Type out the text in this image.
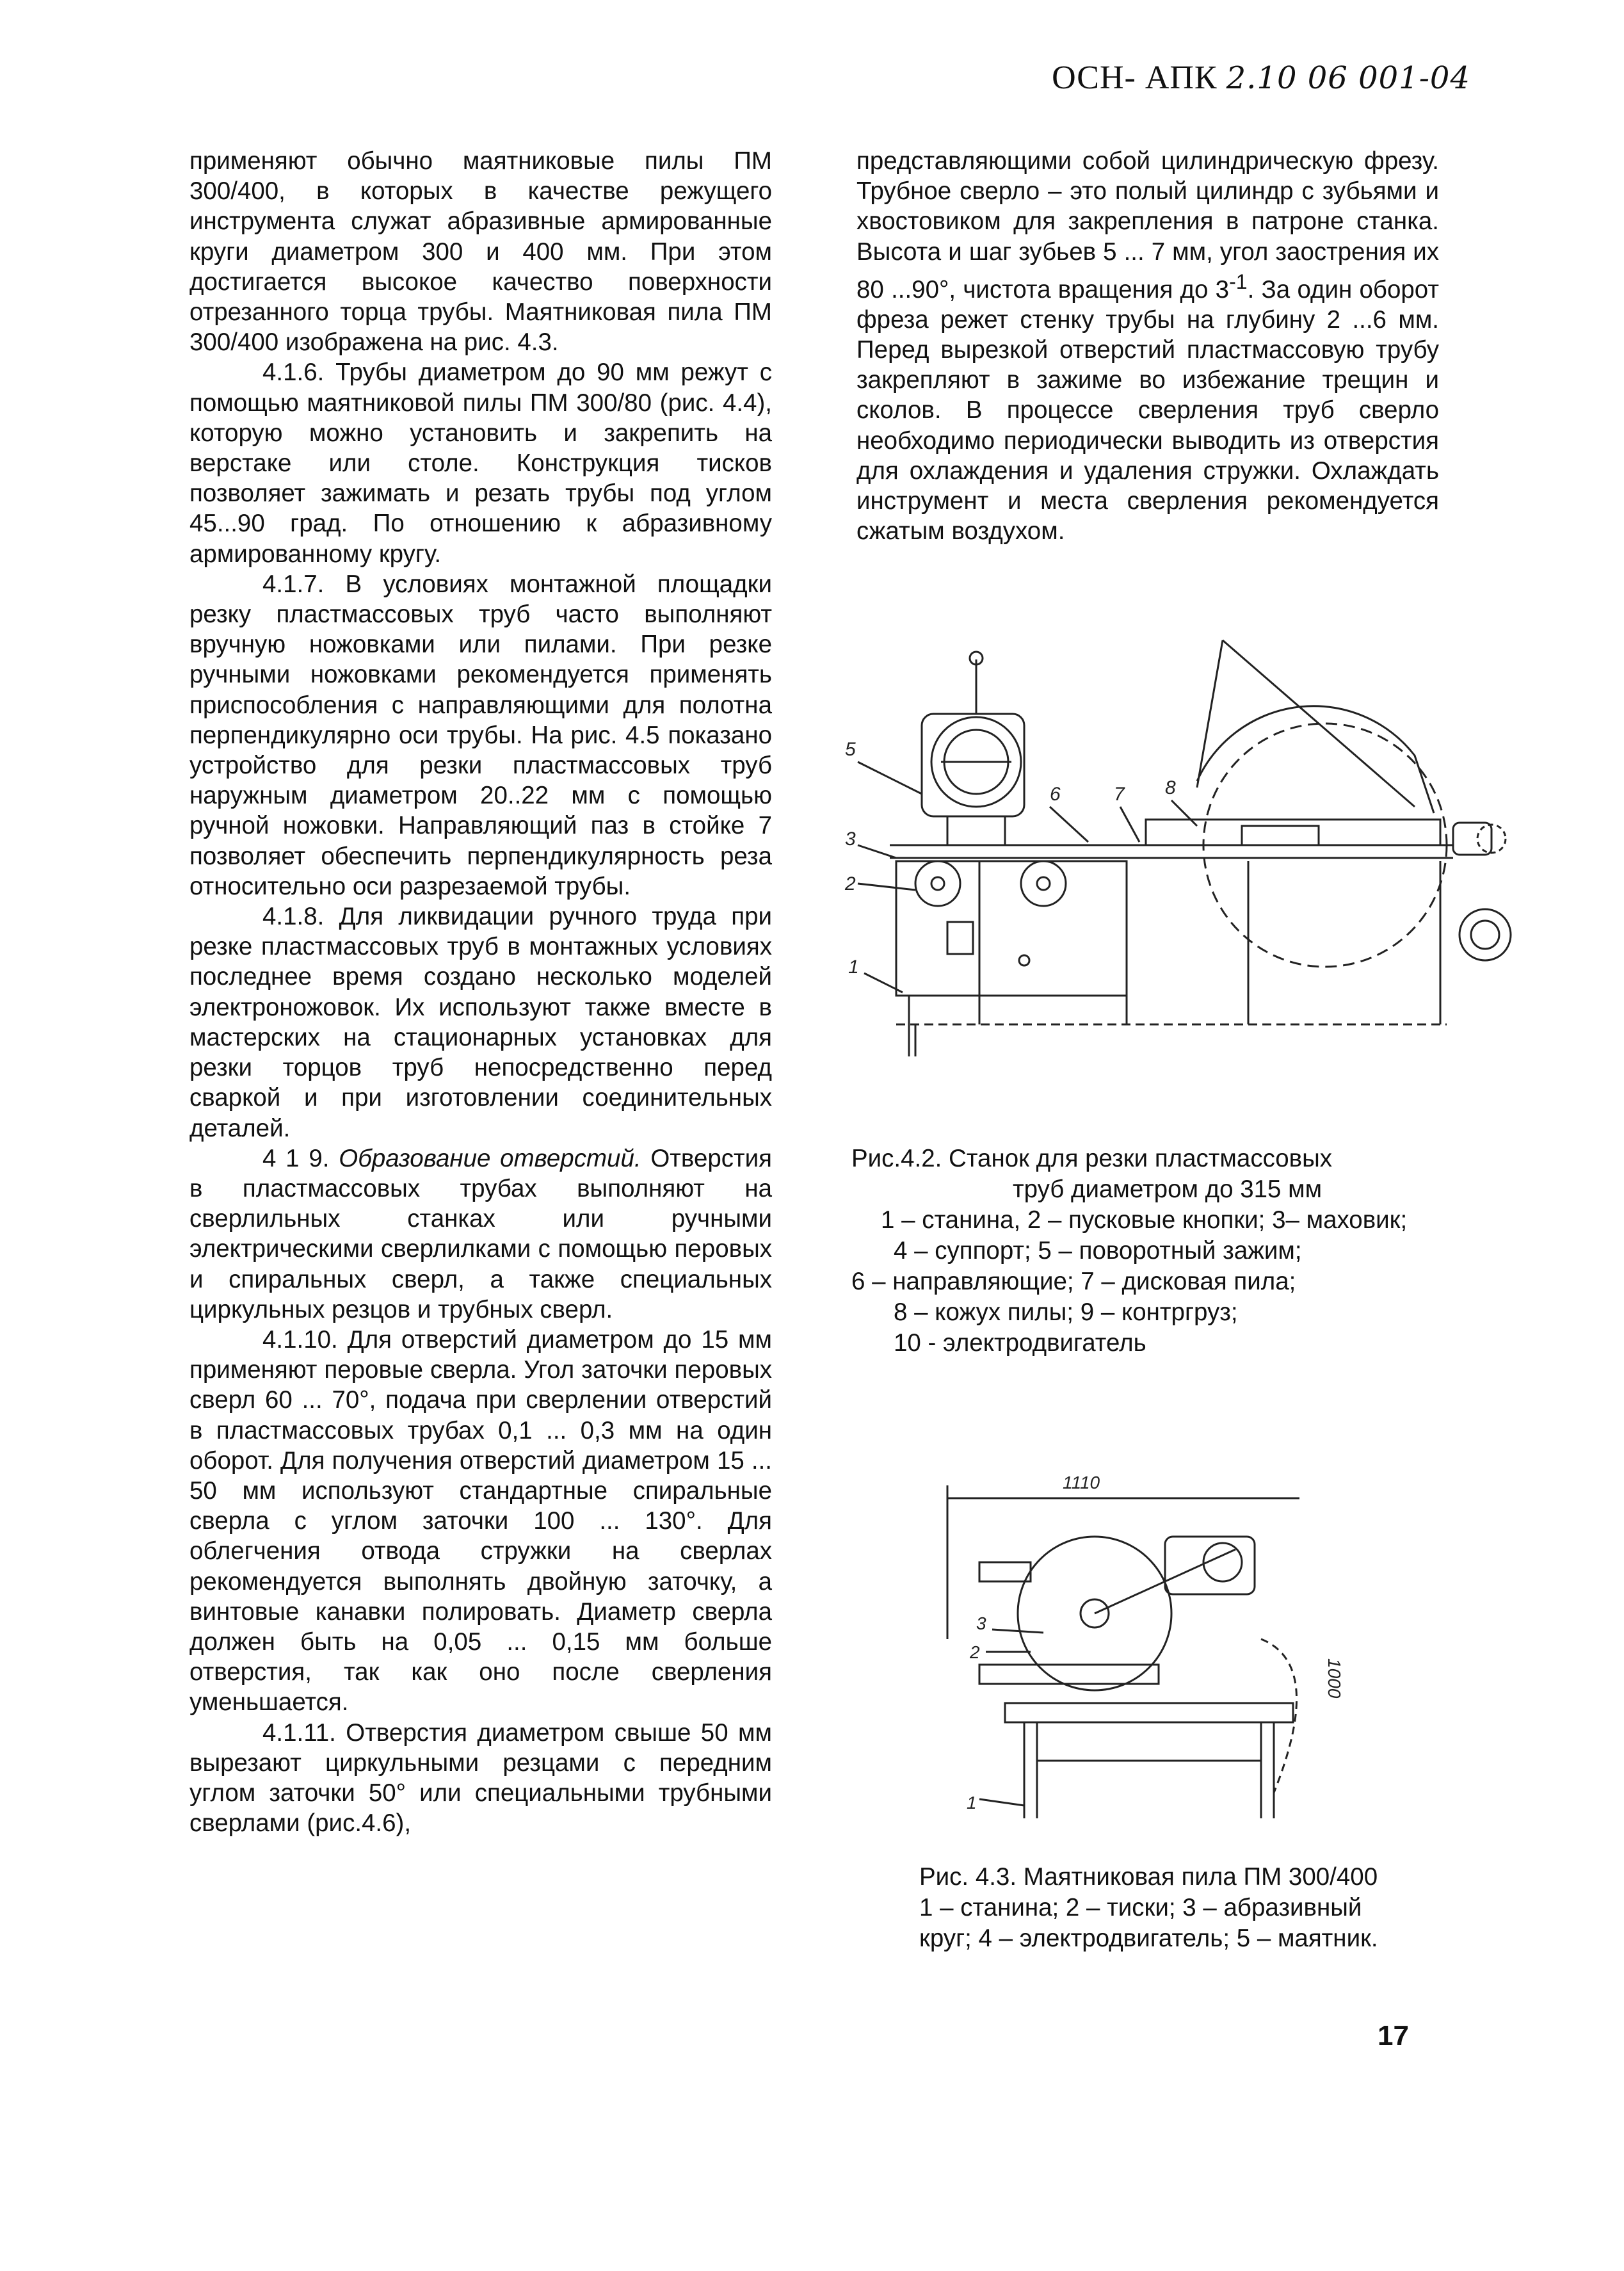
ОСН- АПК 2.10 06 001-04

применяют обычно маятниковые пилы ПМ 300/400, в которых в качестве режущего инструмента служат абразивные армированные круги диаметром 300 и 400 мм. При этом достигается высокое качество поверхности отрезанного торца трубы. Маятниковая пила ПМ 300/400 изображена на рис. 4.3.

4.1.6. Трубы диаметром до 90 мм режут с помощью маятниковой пилы ПМ 300/80 (рис. 4.4), которую можно установить и закрепить на верстаке или столе. Конструкция тисков позволяет зажимать и резать трубы под углом 45...90 град. По отношению к абразивному армированному кругу.

4.1.7. В условиях монтажной площадки резку пластмассовых труб часто выполняют вручную ножовками или пилами. При резке ручными ножовками рекомендуется применять приспособления с направляющими для полотна перпендикулярно оси трубы. На рис. 4.5 показано устройство для резки пластмассовых труб наружным диаметром 20..22 мм с помощью ручной ножовки. Направляющий паз в стойке 7 позволяет обеспечить перпендикулярность реза относительно оси разрезаемой трубы.

4.1.8. Для ликвидации ручного труда при резке пластмассовых труб в монтажных условиях последнее время создано несколько моделей электроножовок. Их используют также вместе в мастерских на стационарных установках для резки торцов труб непосредственно перед сваркой и при изготовлении соединительных деталей.

4 1 9. Образование отверстий. Отверстия в пластмассовых трубах выполняют на сверлильных станках или ручными электрическими сверлилками с помощью перовых и спиральных сверл, а также специальных циркульных резцов и трубных сверл.

4.1.10. Для отверстий диаметром до 15 мм применяют перовые сверла. Угол заточки перовых сверл 60 ... 70°, подача при сверлении отверстий в пластмассовых трубах 0,1 ... 0,3 мм на один оборот. Для получения отверстий диаметром 15 ... 50 мм используют стандартные спиральные сверла с углом заточки 100 ... 130°. Для облегчения отвода стружки на сверлах рекомендуется выполнять двойную заточку, а винтовые канавки полировать. Диаметр сверла должен быть на 0,05 ... 0,15 мм больше отверстия, так как оно после сверления уменьшается.

4.1.11. Отверстия диаметром свыше 50 мм вырезают циркульными резцами с передним углом заточки 50° или специальными трубными сверлами (рис.4.6),

представляющими собой цилиндрическую фрезу. Трубное сверло – это полый цилиндр с зубьями и хвостовиком для закрепления в патроне станка. Высота и шаг зубьев 5 ... 7 мм, угол заострения их 80 ...90°, чистота вращения до $3^{-1}$. За один оборот фреза режет стенку трубы на глубину 2 ...6 мм. Перед вырезкой отверстий пластмассовую трубу закрепляют в зажиме во избежание трещин и сколов. В процессе сверления труб сверло необходимо периодически выводить из отверстия для охлаждения и удаления стружки. Охлаждать инструмент и места сверления рекомендуется сжатым воздухом.

5
6	7 8
3
2
1
Рис.4.2. Станок для резки пластмассовых
труб диаметром до 315 мм
1 – станина, 2 – пусковые кнопки; 3– маховик;
4 – суппорт; 5 – поворотный зажим;
6 – направляющие; 7 – дисковая пила;
8 – кожух пилы; 9 – контргруз;
10 - электродвигатель
1110
1000
2
3
1
Рис. 4.3. Маятниковая пила ПМ 300/400
1 – станина; 2 – тиски; 3 – абразивный
круг; 4 – электродвигатель; 5 – маятник.
17
